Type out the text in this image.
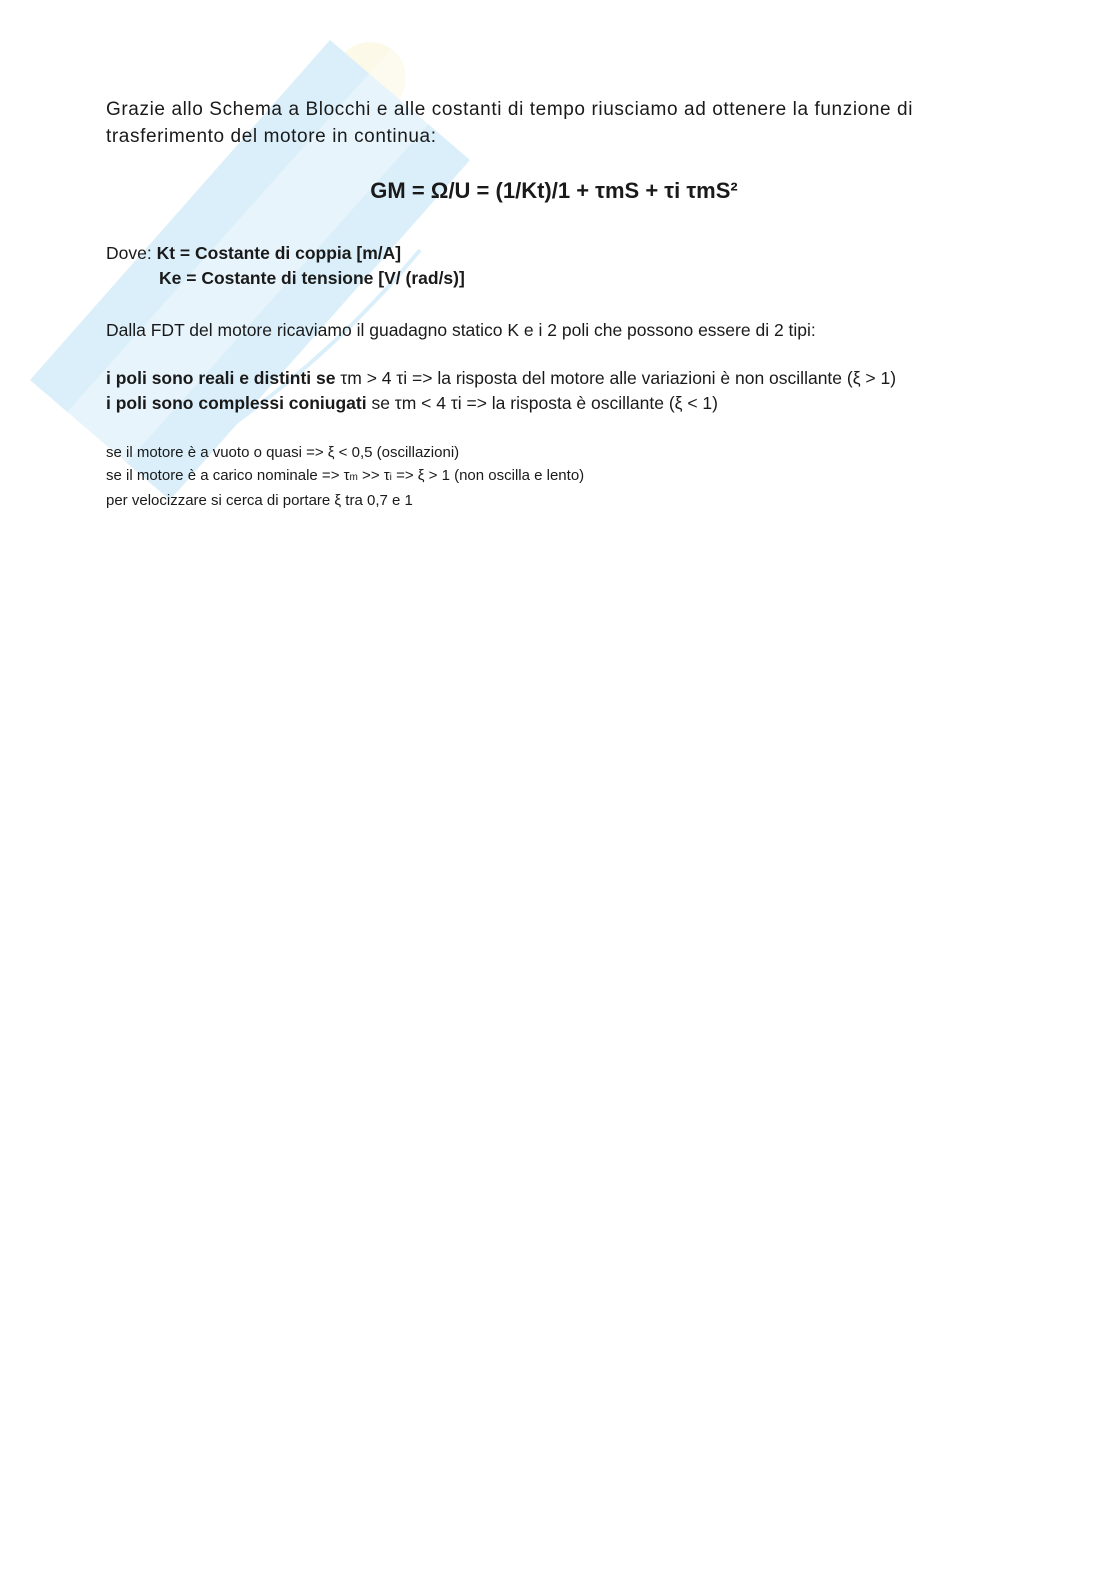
Grazie allo Schema a Blocchi e alle costanti di tempo riusciamo ad ottenere la funzione di
trasferimento del motore in continua:

GM = Ω/U = (1/Kt)/1 + τmS + τi τmS²

Dove: Kt = Costante di coppia [m/A]
Ke = Costante di tensione [V/ (rad/s)]

Dalla FDT del motore ricaviamo il guadagno statico K e i 2 poli che possono essere di 2 tipi:

i poli sono reali e distinti se τm > 4 τi => la risposta del motore alle variazioni è non oscillante (ξ > 1)
i poli sono complessi coniugati se τm < 4 τi => la risposta è oscillante (ξ < 1)

se il motore è a vuoto o quasi => ξ < 0,5 (oscillazioni)
se il motore è a carico nominale => τm >> τi => ξ > 1 (non oscilla e lento)
per velocizzare si cerca di portare ξ tra 0,7 e 1
